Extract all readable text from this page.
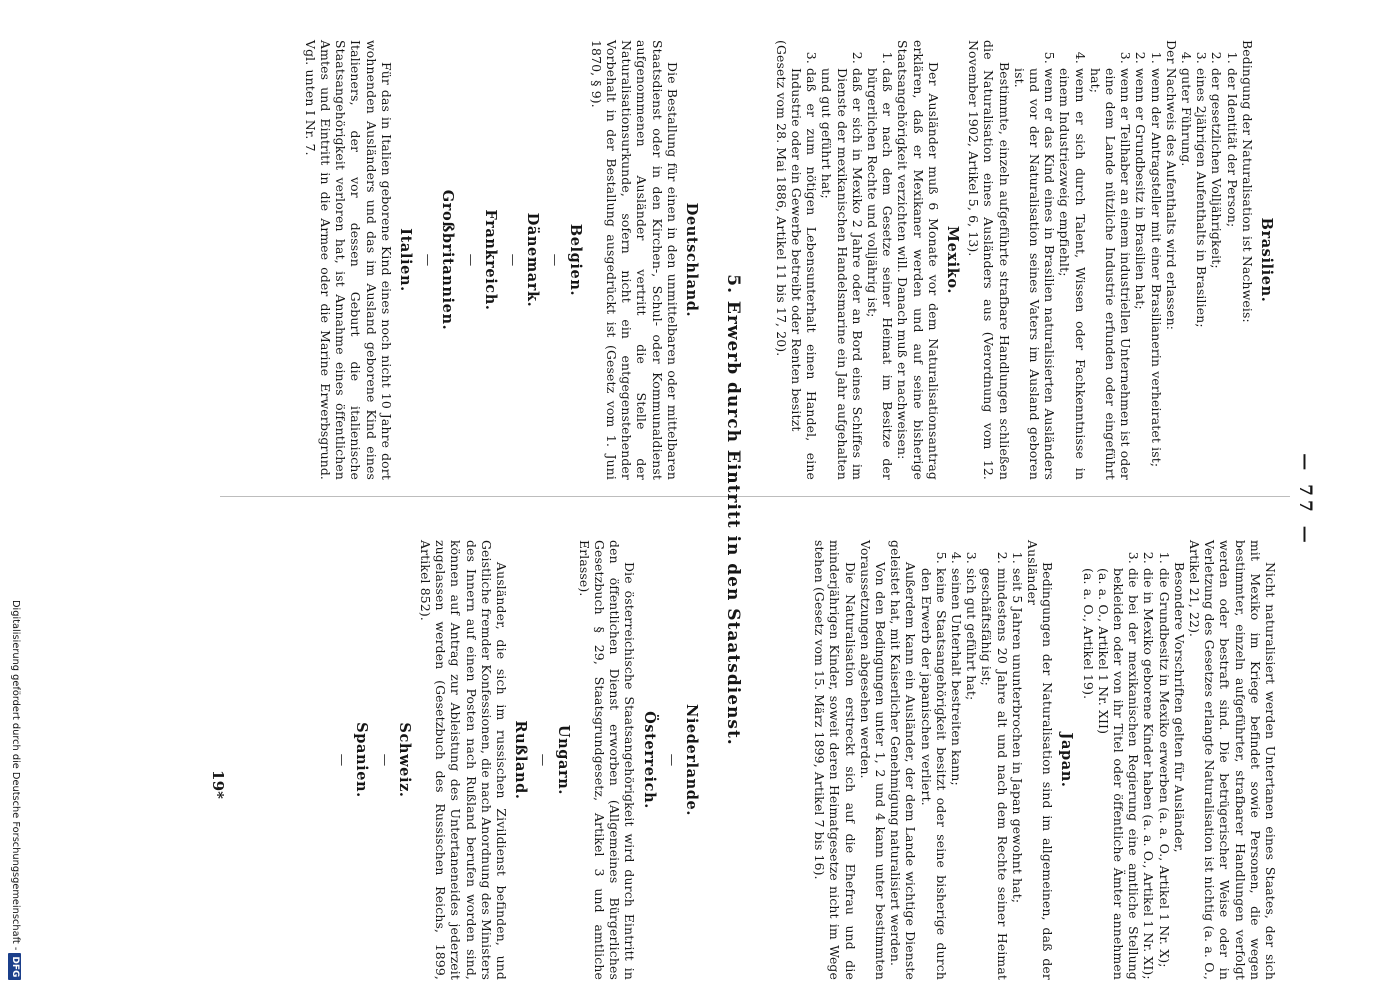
— 77 —
Brasilien.

Bedingung der Naturalisation ist Nachweis:

1. der Identität der Person;
2. der gesetzlichen Volljährigkeit;
3. eines 2jährigen Aufenthalts in Brasilien;
4. guter Führung.

Der Nachweis des Aufenthalts wird erlassen:

1. wenn der Antragsteller mit einer Brasilianerin verheiratet ist;
2. wenn er Grundbesitz in Brasilien hat;
3. wenn er Teilhaber an einem industriellen Unternehmen ist oder eine dem Lande nützliche Industrie erfunden oder eingeführt hat;
4. wenn er sich durch Talent, Wissen oder Fachkenntnisse in einem Industriezweig empfiehlt;
5. wenn er das Kind eines in Brasilien naturalisierten Ausländers und vor der Naturalisation seines Vaters im Ausland geboren ist.

Bestimmte, einzeln aufgeführte strafbare Handlungen schließen die Naturalisation eines Ausländers aus (Verordnung vom 12. November 1902, Artikel 5, 6, 13).

Mexiko.

Der Ausländer muß 6 Monate vor dem Naturalisationsantrag erklären, daß er Mexikaner werden und auf seine bisherige Staatsangehörigkeit verzichten will. Danach muß er nachweisen:

1. daß er nach dem Gesetze seiner Heimat im Besitze der bürgerlichen Rechte und volljährig ist;
2. daß er sich in Mexiko 2 Jahre oder an Bord eines Schiffes im Dienste der mexikanischen Handelsmarine ein Jahr aufgehalten und gut geführt hat;
3. daß er zum nötigen Lebensunterhalt einen Handel, eine Industrie oder ein Gewerbe betreibt oder Renten besitzt

(Gesetz vom 28. Mai 1886, Artikel 11 bis 17, 20).

Nicht naturalisiert werden Untertanen eines Staates, der sich mit Mexiko im Kriege befindet sowie Personen, die wegen bestimmter, einzeln aufgeführter, strafbarer Handlungen verfolgt werden oder bestraft sind. Die betrügerischer Weise oder in Verletzung des Gesetzes erlangte Naturalisation ist nichtig (a. a. O., Artikel 21, 22).

Besondere Vorschriften gelten für Ausländer,

1. die Grundbesitz in Mexiko erwerben (a. a. O., Artikel 1 Nr. X);
2. die in Mexiko geborene Kinder haben (a. a. O., Artikel 1 Nr. XI);
3. die bei der mexikanischen Regierung eine amtliche Stellung bekleiden oder von ihr Titel oder öffentliche Ämter annehmen (a. a. O., Artikel 1 Nr. XII)

(a. a. O., Artikel 19).

Japan.

Bedingungen der Naturalisation sind im allgemeinen, daß der Ausländer

1. seit 5 Jahren ununterbrochen in Japan gewohnt hat;
2. mindestens 20 Jahre alt und nach dem Rechte seiner Heimat geschäftsfähig ist;
3. sich gut geführt hat;
4. seinen Unterhalt bestreiten kann;
5. keine Staatsangehörigkeit besitzt oder seine bisherige durch den Erwerb der japanischen verliert.

Außerdem kann ein Ausländer, der dem Lande wichtige Dienste geleistet hat, mit Kaiserlicher Genehmigung naturalisiert werden.

Von den Bedingungen unter 1, 2 und 4 kann unter bestimmten Voraussetzungen abgesehen werden.

Die Naturalisation erstreckt sich auf die Ehefrau und die minderjährigen Kinder, soweit deren Heimatgesetze nicht im Wege stehen (Gesetz vom 15. März 1899, Artikel 7 bis 16).

5. Erwerb durch Eintritt in den Staatsdienst.
Deutschland.

Die Bestallung für einen in den unmittelbaren oder mittelbaren Staatsdienst oder in den Kirchen-, Schul- oder Kommunaldienst aufgenommenen Ausländer vertritt die Stelle der Naturalisationsurkunde, sofern nicht ein entgegenstehender Vorbehalt in der Bestallung ausgedrückt ist (Gesetz vom 1. Juni 1870, § 9).

Belgien.
—
Dänemark.
—
Frankreich.
—
Großbritannien.
—
Italien.

Für das in Italien geborene Kind eines noch nicht 10 Jahre dort wohnenden Ausländers und das im Ausland geborene Kind eines Italieners, der vor dessen Geburt die italienische Staatsangehörigkeit verloren hat, ist Annahme eines öffentlichen Amtes und Eintritt in die Armee oder die Marine Erwerbsgrund. Vgl. unten I Nr. 7.

Niederlande.
—
Österreich.

Die österreichische Staatsangehörigkeit wird durch Eintritt in den öffentlichen Dienst erworben (Allgemeines Bürgerliches Gesetzbuch § 29, Staatsgrundgesetz, Artikel 3 und amtliche Erlasse).

Ungarn.
—
Rußland.

Ausländer, die sich im russischen Zivildienst befinden, und Geistliche fremder Konfessionen, die nach Anordnung des Ministers des Innern auf einen Posten nach Rußland berufen worden sind, können auf Antrag zur Ableistung des Untertaneneides jederzeit zugelassen werden (Gesetzbuch des Russischen Reichs, 1899, Artikel 852).

Schweiz.
—
Spanien.
—
19*
Digitalisierung gefördert durch die Deutsche Forschungsgemeinschaft -DFG
